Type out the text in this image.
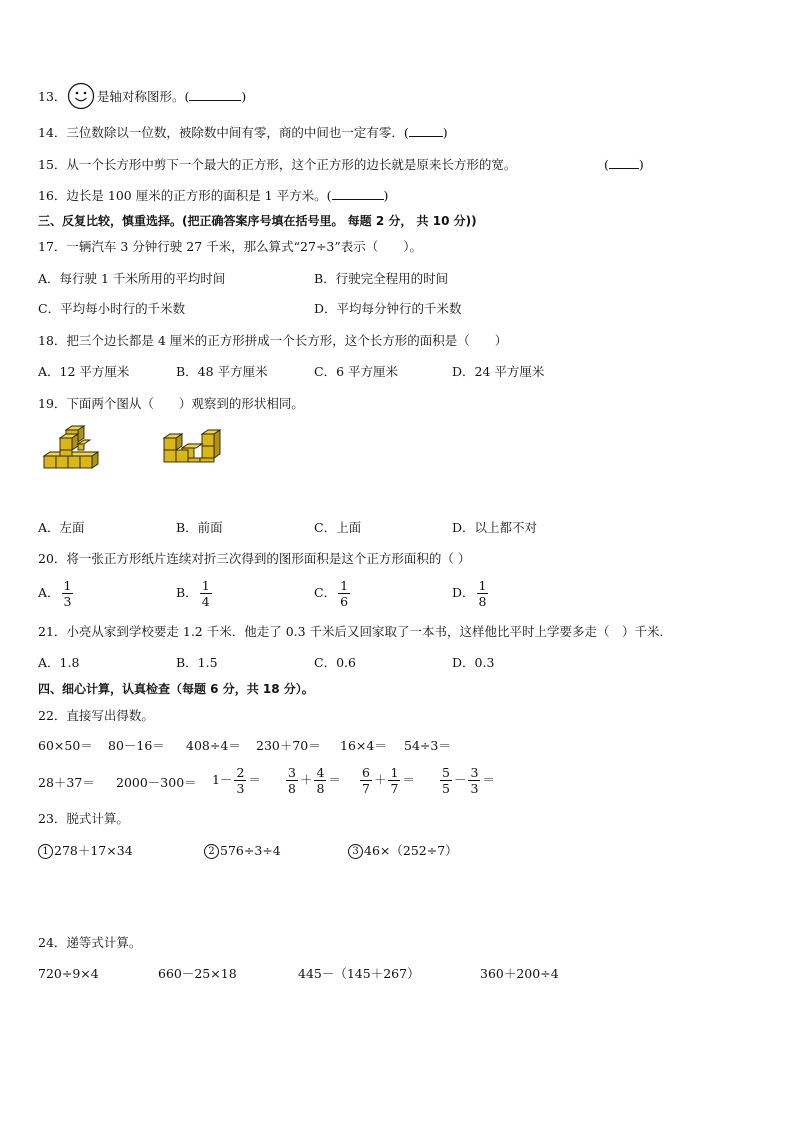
13． 是轴对称图形。(	)
14．三位数除以一位数，被除数中间有零，商的中间也一定有零．(	)
15．从一个长方形中剪下一个最大的正方形，这个正方形的边长就是原来长方形的宽。	( )
16．边长是 100 厘米的正方形的面积是 1 平方米。(	)
三、反复比较，慎重选择。(把正确答案序号填在括号里。 每题 2 分， 共 10 分))
17．一辆汽车 3 分钟行驶 27 千米，那么算式“27÷3”表示（　　）。
A．每行驶 1 千米所用的平均时间	B．行驶完全程用的时间
C．平均每小时行的千米数	D．平均每分钟行的千米数
18．把三个边长都是 4 厘米的正方形拼成一个长方形，这个长方形的面积是（　　）
A．12 平方厘米	B．48 平方厘米	C．6 平方厘米	D．24 平方厘米
19．下面两个图从（　　）观察到的形状相同。
A．左面	B．前面	C．上面	D．以上都不对
20．将一张正方形纸片连续对折三次得到的图形面积是这个正方形面积的（ ）
A． $\frac{1}{3}$	B． $\frac{1}{4}$	C． $\frac{1}{6}$	D． $\frac{1}{8}$
21．小亮从家到学校要走 1.2 千米．他走了 0.3 千米后又回家取了一本书，这样他比平时上学要多走（　）千米．
A．1.8	B．1.5	C．0.6	D．0.3
四、细心计算，认真检查（每题 6 分，共 18 分）。
22．直接写出得数。
60×50＝ 80－16＝ 408÷4＝ 230＋70＝ 16×4＝ 54÷3＝
$28+37= 2000-300= 1- \frac{2}{3} = \frac{3}{8} + \frac{4}{8} = \frac{6}{7} + \frac{1}{7} = \frac{5}{5} - \frac{3}{3}$ ＝
23．脱式计算。
1 278＋17×34	2 576÷3÷4	3 46×（252÷7）
24．递等式计算。
720÷9×4	660－25×18	445－（145＋267）	360＋200÷4
